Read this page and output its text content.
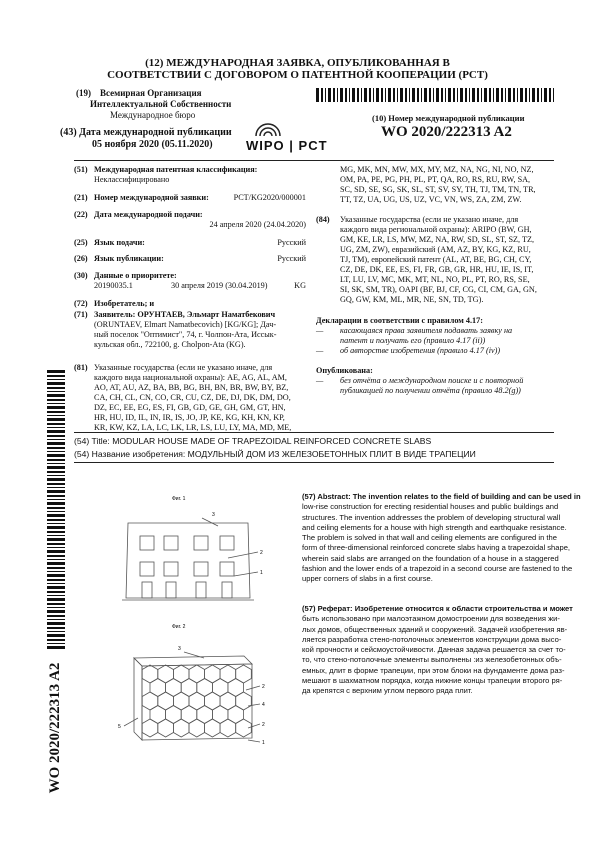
(12) МЕЖДУНАРОДНАЯ ЗАЯВКА, ОПУБЛИКОВАННАЯ В
СООТВЕТСТВИИ С ДОГОВОРОМ О ПАТЕНТНОЙ КООПЕРАЦИИ (PCT)
(19) Всемирная Организация
Интеллектуальной Собственности
Международное бюро
(43) Дата международной публикации
05 ноября 2020 (05.11.2020)	WIPO | PCT
(10) Номер международной публикации
WO 2020/222313 A2
(51) Международная патентная классификация:
Неклассифицировано
(21) Номер международной заявки:	PCT/KG2020/000001
(22) Дата международной подачи:
24 апреля 2020 (24.04.2020)
(25) Язык подачи:	Русский
(26) Язык публикации:	Русский
(30) Данные о приоритете:
20190035.1	30 апреля 2019 (30.04.2019)	KG
(72) Изобретатель; и
(71) Заявитель: ОРУНТАЕВ, Эльмарт Наматбекович
(ORUNTAEV, Elmart Namatbecovich) [KG/KG]; Дач-
ный поселок "Оптимист", 74, г. Чолпон-Ата, Иссык-
кульская обл., 722100, g. Cholpon-Ata (KG).
(81) Указанные государства (если не указано иначе, для
каждого вида национальной охраны): AE, AG, AL, AM,
AO, AT, AU, AZ, BA, BB, BG, BH, BN, BR, BW, BY, BZ,
CA, CH, CL, CN, CO, CR, CU, CZ, DE, DJ, DK, DM, DO,
DZ, EC, EE, EG, ES, FI, GB, GD, GE, GH, GM, GT, HN,
HR, HU, ID, IL, IN, IR, IS, JO, JP, KE, KG, KH, KN, KP,
KR, KW, KZ, LA, LC, LK, LR, LS, LU, LY, MA, MD, ME,
MG, MK, MN, MW, MX, MY, MZ, NA, NG, NI, NO, NZ,
OM, PA, PE, PG, PH, PL, PT, QA, RO, RS, RU, RW, SA,
SC, SD, SE, SG, SK, SL, ST, SV, SY, TH, TJ, TM, TN, TR,
TT, TZ, UA, UG, US, UZ, VC, VN, WS, ZA, ZM, ZW.
(84) Указанные государства (если не указано иначе, для
каждого вида региональной охраны): ARIPO (BW, GH,
GM, KE, LR, LS, MW, MZ, NA, RW, SD, SL, ST, SZ, TZ,
UG, ZM, ZW), евразийский (AM, AZ, BY, KG, KZ, RU,
TJ, TM), европейский патент (AL, AT, BE, BG, CH, CY,
CZ, DE, DK, EE, ES, FI, FR, GB, GR, HR, HU, IE, IS, IT,
LT, LU, LV, MC, MK, MT, NL, NO, PL, PT, RO, RS, SE,
SI, SK, SM, TR), OAPI (BF, BJ, CF, CG, CI, CM, GA, GN,
GQ, GW, KM, ML, MR, NE, SN, TD, TG).
Декларации в соответствии с правилом 4.17:
— касающаяся права заявителя подавать заявку на
патент и получать его (правило 4.17 (ii))
— об авторстве изобретения (правило 4.17 (iv))
Опубликована:
— без отчёта о международном поиске и с повторной
публикацией по получении отчёта (правило 48.2(g))
(54) Title: MODULAR HOUSE MADE OF TRAPEZOIDAL REINFORCED CONCRETE SLABS
(54) Название изобретения: МОДУЛЬНЫЙ ДОМ ИЗ ЖЕЛЕЗОБЕТОННЫХ ПЛИТ В ВИДЕ ТРАПЕЦИИ
Фиг. 1
3
2
1
Фиг. 2
3
2
4
5	2
1
(57) Abstract: The invention relates to the field of building and can be used in
low-rise construction for erecting residential houses and public buildings and
structures. The invention addresses the problem of developing structural wall
and ceiling elements for a house with high strength and earthquake resistance.
The problem is solved in that wall and ceiling elements are configured in the
form of three-dimensional reinforced concrete slabs having a trapezoidal shape,
wherein said slabs are arranged on the foundation of a house in a staggered
fashion and the lower ends of a trapezoid in a second course are fastened to the
upper corners of slabs in a first course.
(57) Реферат: Изобретение относится к области строительства и может
быть использовано при малоэтажном домостроении для возведения жи-
лых домов, общественных зданий и сооружений. Задачей изобретения яв-
ляется разработка стено-потолочных элементов конструкции дома высо-
кой прочности и сейсмоустойчивости. Данная задача решается за счет то-
то, что стено-потолочные элементы выполнены :из железобетонных объ-
емных, длит в форме трапеции, при этом блоки на фундаменте дома раз-
мешают в шахматном порядка, когда нижние концы трапеции второго ря-
да крепятся с верхним углом первого ряда плит.
WO 2020/222313 A2
